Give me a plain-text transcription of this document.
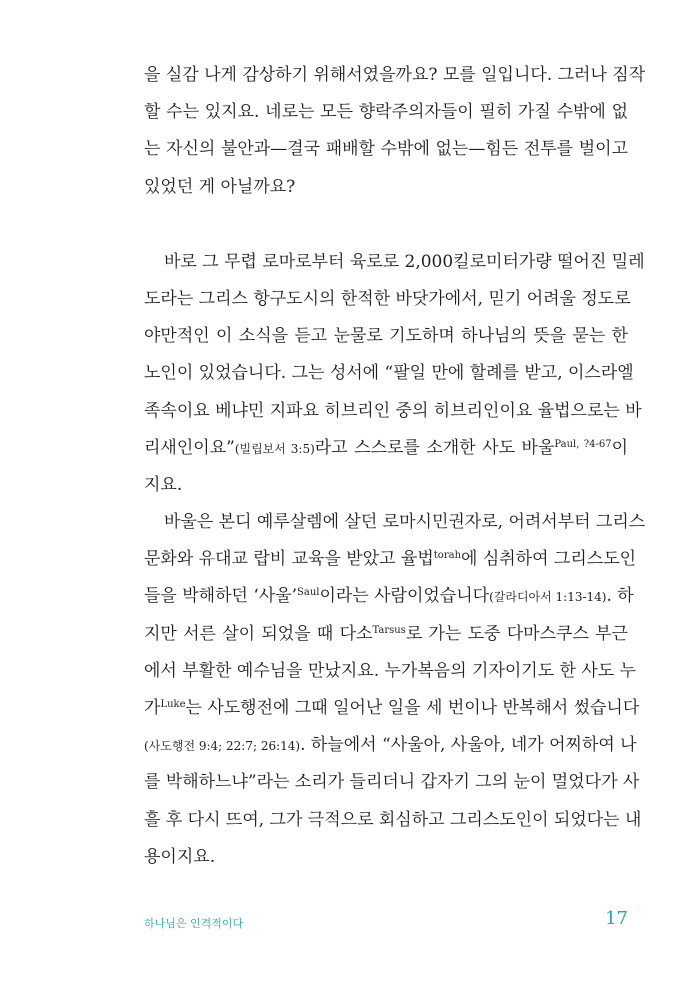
을 실감 나게 감상하기 위해서였을까요? 모를 일입니다. 그러나 짐작
할 수는 있지요. 네로는 모든 향락주의자들이 필히 가질 수밖에 없
는 자신의 불안과—결국 패배할 수밖에 없는—힘든 전투를 벌이고
있었던 게 아닐까요?
바로 그 무렵 로마로부터 육로로 2,000킬로미터가량 떨어진 밀레
도라는 그리스 항구도시의 한적한 바닷가에서, 믿기 어려울 정도로
야만적인 이 소식을 듣고 눈물로 기도하며 하나님의 뜻을 묻는 한
노인이 있었습니다. 그는 성서에 “팔일 만에 할례를 받고, 이스라엘
족속이요 베냐민 지파요 히브리인 중의 히브리인이요 율법으로는 바
리새인이요”(빌립보서 3:5)라고 스스로를 소개한 사도 바울$^{Paul, ?4-67}$이
지요.
바울은 본디 예루살렘에 살던 로마시민권자로, 어려서부터 그리스
문화와 유대교 랍비 교육을 받았고 율법$^{torah}$에 심취하여 그리스도인
들을 박해하던 ‘사울’$^{Saul}$이라는 사람이었습니다(갈라디아서 1:13-14). 하
지만 서른 살이 되었을 때 다소$^{Tarsus}$로 가는 도중 다마스쿠스 부근
에서 부활한 예수님을 만났지요. 누가복음의 기자이기도 한 사도 누
가$^{Luke}$는 사도행전에 그때 일어난 일을 세 번이나 반복해서 썼습니다
(사도행전 9:4; 22:7; 26:14). 하늘에서 “사울아, 사울아, 네가 어찌하여 나
를 박해하느냐”라는 소리가 들리더니 갑자기 그의 눈이 멀었다가 사
흘 후 다시 뜨여, 그가 극적으로 회심하고 그리스도인이 되었다는 내
용이지요.
하나님은 인격적이다	17
